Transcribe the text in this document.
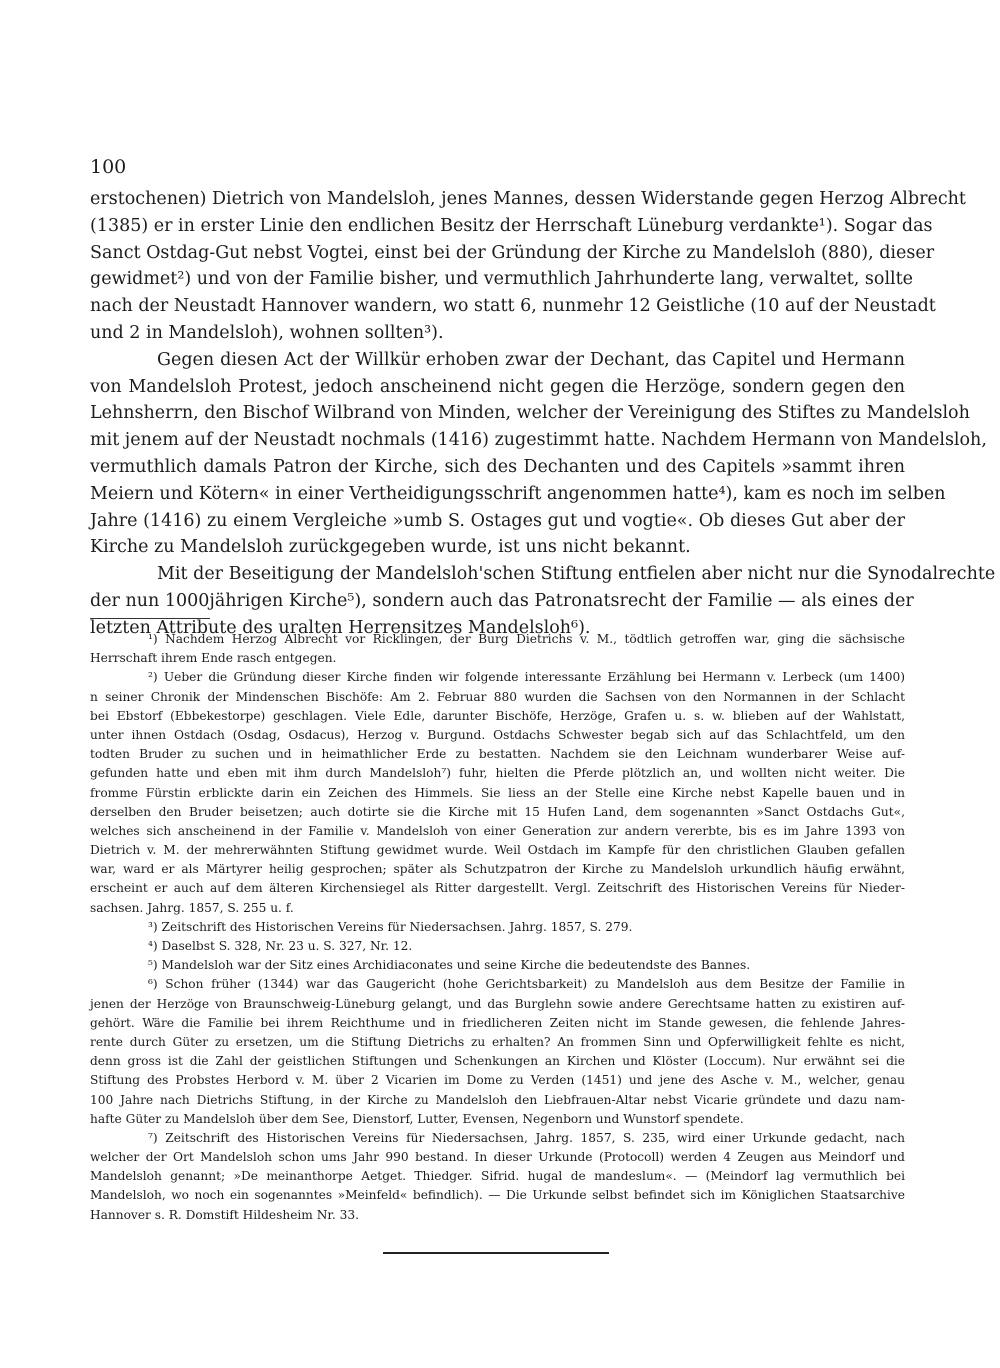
100
erstochenen) Dietrich von Mandelsloh, jenes Mannes, dessen Widerstande gegen Herzog Albrecht
(1385) er in erster Linie den endlichen Besitz der Herrschaft Lüneburg verdankte¹). Sogar das
Sanct Ostdag-Gut nebst Vogtei, einst bei der Gründung der Kirche zu Mandelsloh (880), dieser
gewidmet²) und von der Familie bisher, und vermuthlich Jahrhunderte lang, verwaltet, sollte
nach der Neustadt Hannover wandern, wo statt 6, nunmehr 12 Geistliche (10 auf der Neustadt
und 2 in Mandelsloh), wohnen sollten³).
Gegen diesen Act der Willkür erhoben zwar der Dechant, das Capitel und Hermann
von Mandelsloh Protest, jedoch anscheinend nicht gegen die Herzöge, sondern gegen den
Lehnsherrn, den Bischof Wilbrand von Minden, welcher der Vereinigung des Stiftes zu Mandelsloh
mit jenem auf der Neustadt nochmals (1416) zugestimmt hatte. Nachdem Hermann von Mandelsloh,
vermuthlich damals Patron der Kirche, sich des Dechanten und des Capitels »sammt ihren
Meiern und Kötern« in einer Vertheidigungsschrift angenommen hatte⁴), kam es noch im selben
Jahre (1416) zu einem Vergleiche »umb S. Ostages gut und vogtie«. Ob dieses Gut aber der
Kirche zu Mandelsloh zurückgegeben wurde, ist uns nicht bekannt.
Mit der Beseitigung der Mandelsloh'schen Stiftung entfielen aber nicht nur die Synodalrechte
der nun 1000jährigen Kirche⁵), sondern auch das Patronatsrecht der Familie — als eines der
letzten Attribute des uralten Herrensitzes Mandelsloh⁶).
¹) Nachdem Herzog Albrecht vor Ricklingen, der Burg Dietrichs v. M., tödtlich getroffen war, ging die sächsische
Herrschaft ihrem Ende rasch entgegen.
²) Ueber die Gründung dieser Kirche finden wir folgende interessante Erzählung bei Hermann v. Lerbeck (um 1400)
n seiner Chronik der Mindenschen Bischöfe: Am 2. Februar 880 wurden die Sachsen von den Normannen in der Schlacht
bei Ebstorf (Ebbekestorpe) geschlagen. Viele Edle, darunter Bischöfe, Herzöge, Grafen u. s. w. blieben auf der Wahlstatt,
unter ihnen Ostdach (Osdag, Osdacus), Herzog v. Burgund. Ostdachs Schwester begab sich auf das Schlachtfeld, um den
todten Bruder zu suchen und in heimathlicher Erde zu bestatten. Nachdem sie den Leichnam wunderbarer Weise auf-
gefunden hatte und eben mit ihm durch Mandelsloh⁷) fuhr, hielten die Pferde plötzlich an, und wollten nicht weiter. Die
fromme Fürstin erblickte darin ein Zeichen des Himmels. Sie liess an der Stelle eine Kirche nebst Kapelle bauen und in
derselben den Bruder beisetzen; auch dotirte sie die Kirche mit 15 Hufen Land, dem sogenannten »Sanct Ostdachs Gut«,
welches sich anscheinend in der Familie v. Mandelsloh von einer Generation zur andern vererbte, bis es im Jahre 1393 von
Dietrich v. M. der mehrerwähnten Stiftung gewidmet wurde. Weil Ostdach im Kampfe für den christlichen Glauben gefallen
war, ward er als Märtyrer heilig gesprochen; später als Schutzpatron der Kirche zu Mandelsloh urkundlich häufig erwähnt,
erscheint er auch auf dem älteren Kirchensiegel als Ritter dargestellt. Vergl. Zeitschrift des Historischen Vereins für Nieder-
sachsen. Jahrg. 1857, S. 255 u. f.
³) Zeitschrift des Historischen Vereins für Niedersachsen. Jahrg. 1857, S. 279.
⁴) Daselbst S. 328, Nr. 23 u. S. 327, Nr. 12.
⁵) Mandelsloh war der Sitz eines Archidiaconates und seine Kirche die bedeutendste des Bannes.
⁶) Schon früher (1344) war das Gaugericht (hohe Gerichtsbarkeit) zu Mandelsloh aus dem Besitze der Familie in
jenen der Herzöge von Braunschweig-Lüneburg gelangt, und das Burglehn sowie andere Gerechtsame hatten zu existiren auf-
gehört. Wäre die Familie bei ihrem Reichthume und in friedlicheren Zeiten nicht im Stande gewesen, die fehlende Jahres-
rente durch Güter zu ersetzen, um die Stiftung Dietrichs zu erhalten? An frommen Sinn und Opferwilligkeit fehlte es nicht,
denn gross ist die Zahl der geistlichen Stiftungen und Schenkungen an Kirchen und Klöster (Loccum). Nur erwähnt sei die
Stiftung des Probstes Herbord v. M. über 2 Vicarien im Dome zu Verden (1451) und jene des Asche v. M., welcher, genau
100 Jahre nach Dietrichs Stiftung, in der Kirche zu Mandelsloh den Liebfrauen-Altar nebst Vicarie gründete und dazu nam-
hafte Güter zu Mandelsloh über dem See, Dienstorf, Lutter, Evensen, Negenborn und Wunstorf spendete.
⁷) Zeitschrift des Historischen Vereins für Niedersachsen, Jahrg. 1857, S. 235, wird einer Urkunde gedacht, nach
welcher der Ort Mandelsloh schon ums Jahr 990 bestand. In dieser Urkunde (Protocoll) werden 4 Zeugen aus Meindorf und
Mandelsloh genannt; »De meinanthorpe Aetget. Thiedger. Sifrid. hugal de mandeslum«. — (Meindorf lag vermuthlich bei
Mandelsloh, wo noch ein sogenanntes »Meinfeld« befindlich). — Die Urkunde selbst befindet sich im Königlichen Staatsarchive
Hannover s. R. Domstift Hildesheim Nr. 33.
